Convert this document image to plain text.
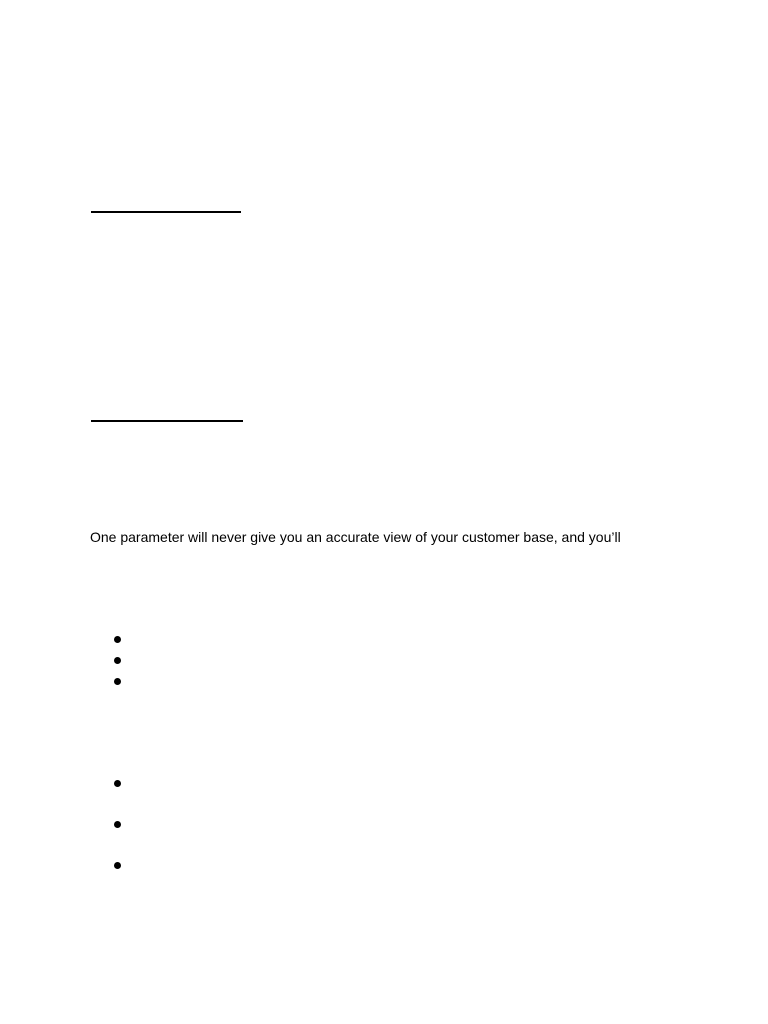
One parameter will never give you an accurate view of your customer base, and you’ll
